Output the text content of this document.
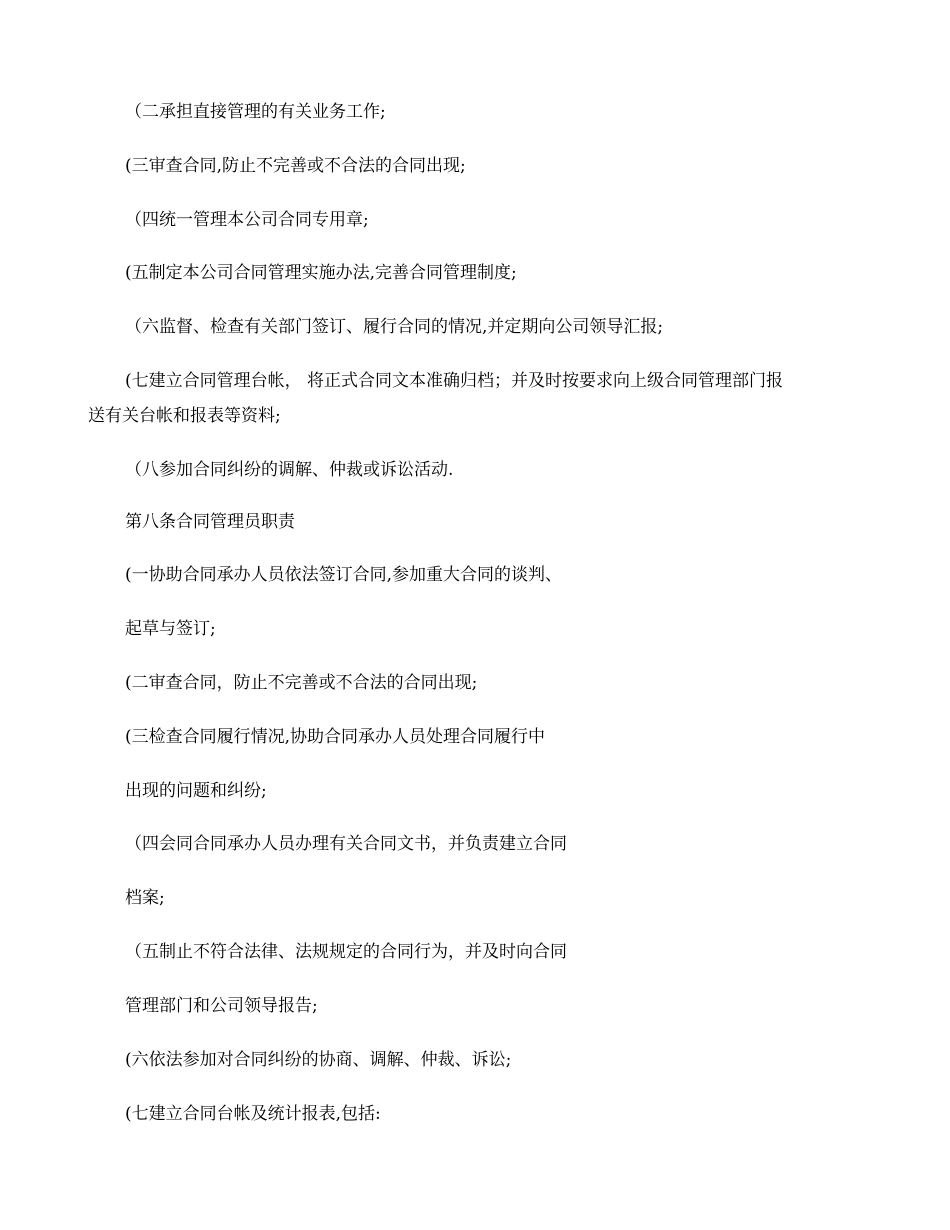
（二承担直接管理的有关业务工作;
(三审查合同,防止不完善或不合法的合同出现;
（四统一管理本公司合同专用章;
(五制定本公司合同管理实施办法,完善合同管理制度;
（六监督、检查有关部门签订、履行合同的情况,并定期向公司领导汇报;
(七建立合同管理台帐， 将正式合同文本准确归档；并及时按要求向上级合同管理部门报
送有关台帐和报表等资料;
（八参加合同纠纷的调解、仲裁或诉讼活动.
第八条合同管理员职责
(一协助合同承办人员依法签订合同,参加重大合同的谈判、
起草与签订;
(二审查合同，防止不完善或不合法的合同出现;
(三检查合同履行情况,协助合同承办人员处理合同履行中
出现的问题和纠纷;
（四会同合同承办人员办理有关合同文书，并负责建立合同
档案;
（五制止不符合法律、法规规定的合同行为，并及时向合同
管理部门和公司领导报告;
(六依法参加对合同纠纷的协商、调解、仲裁、诉讼;
(七建立合同台帐及统计报表,包括:
